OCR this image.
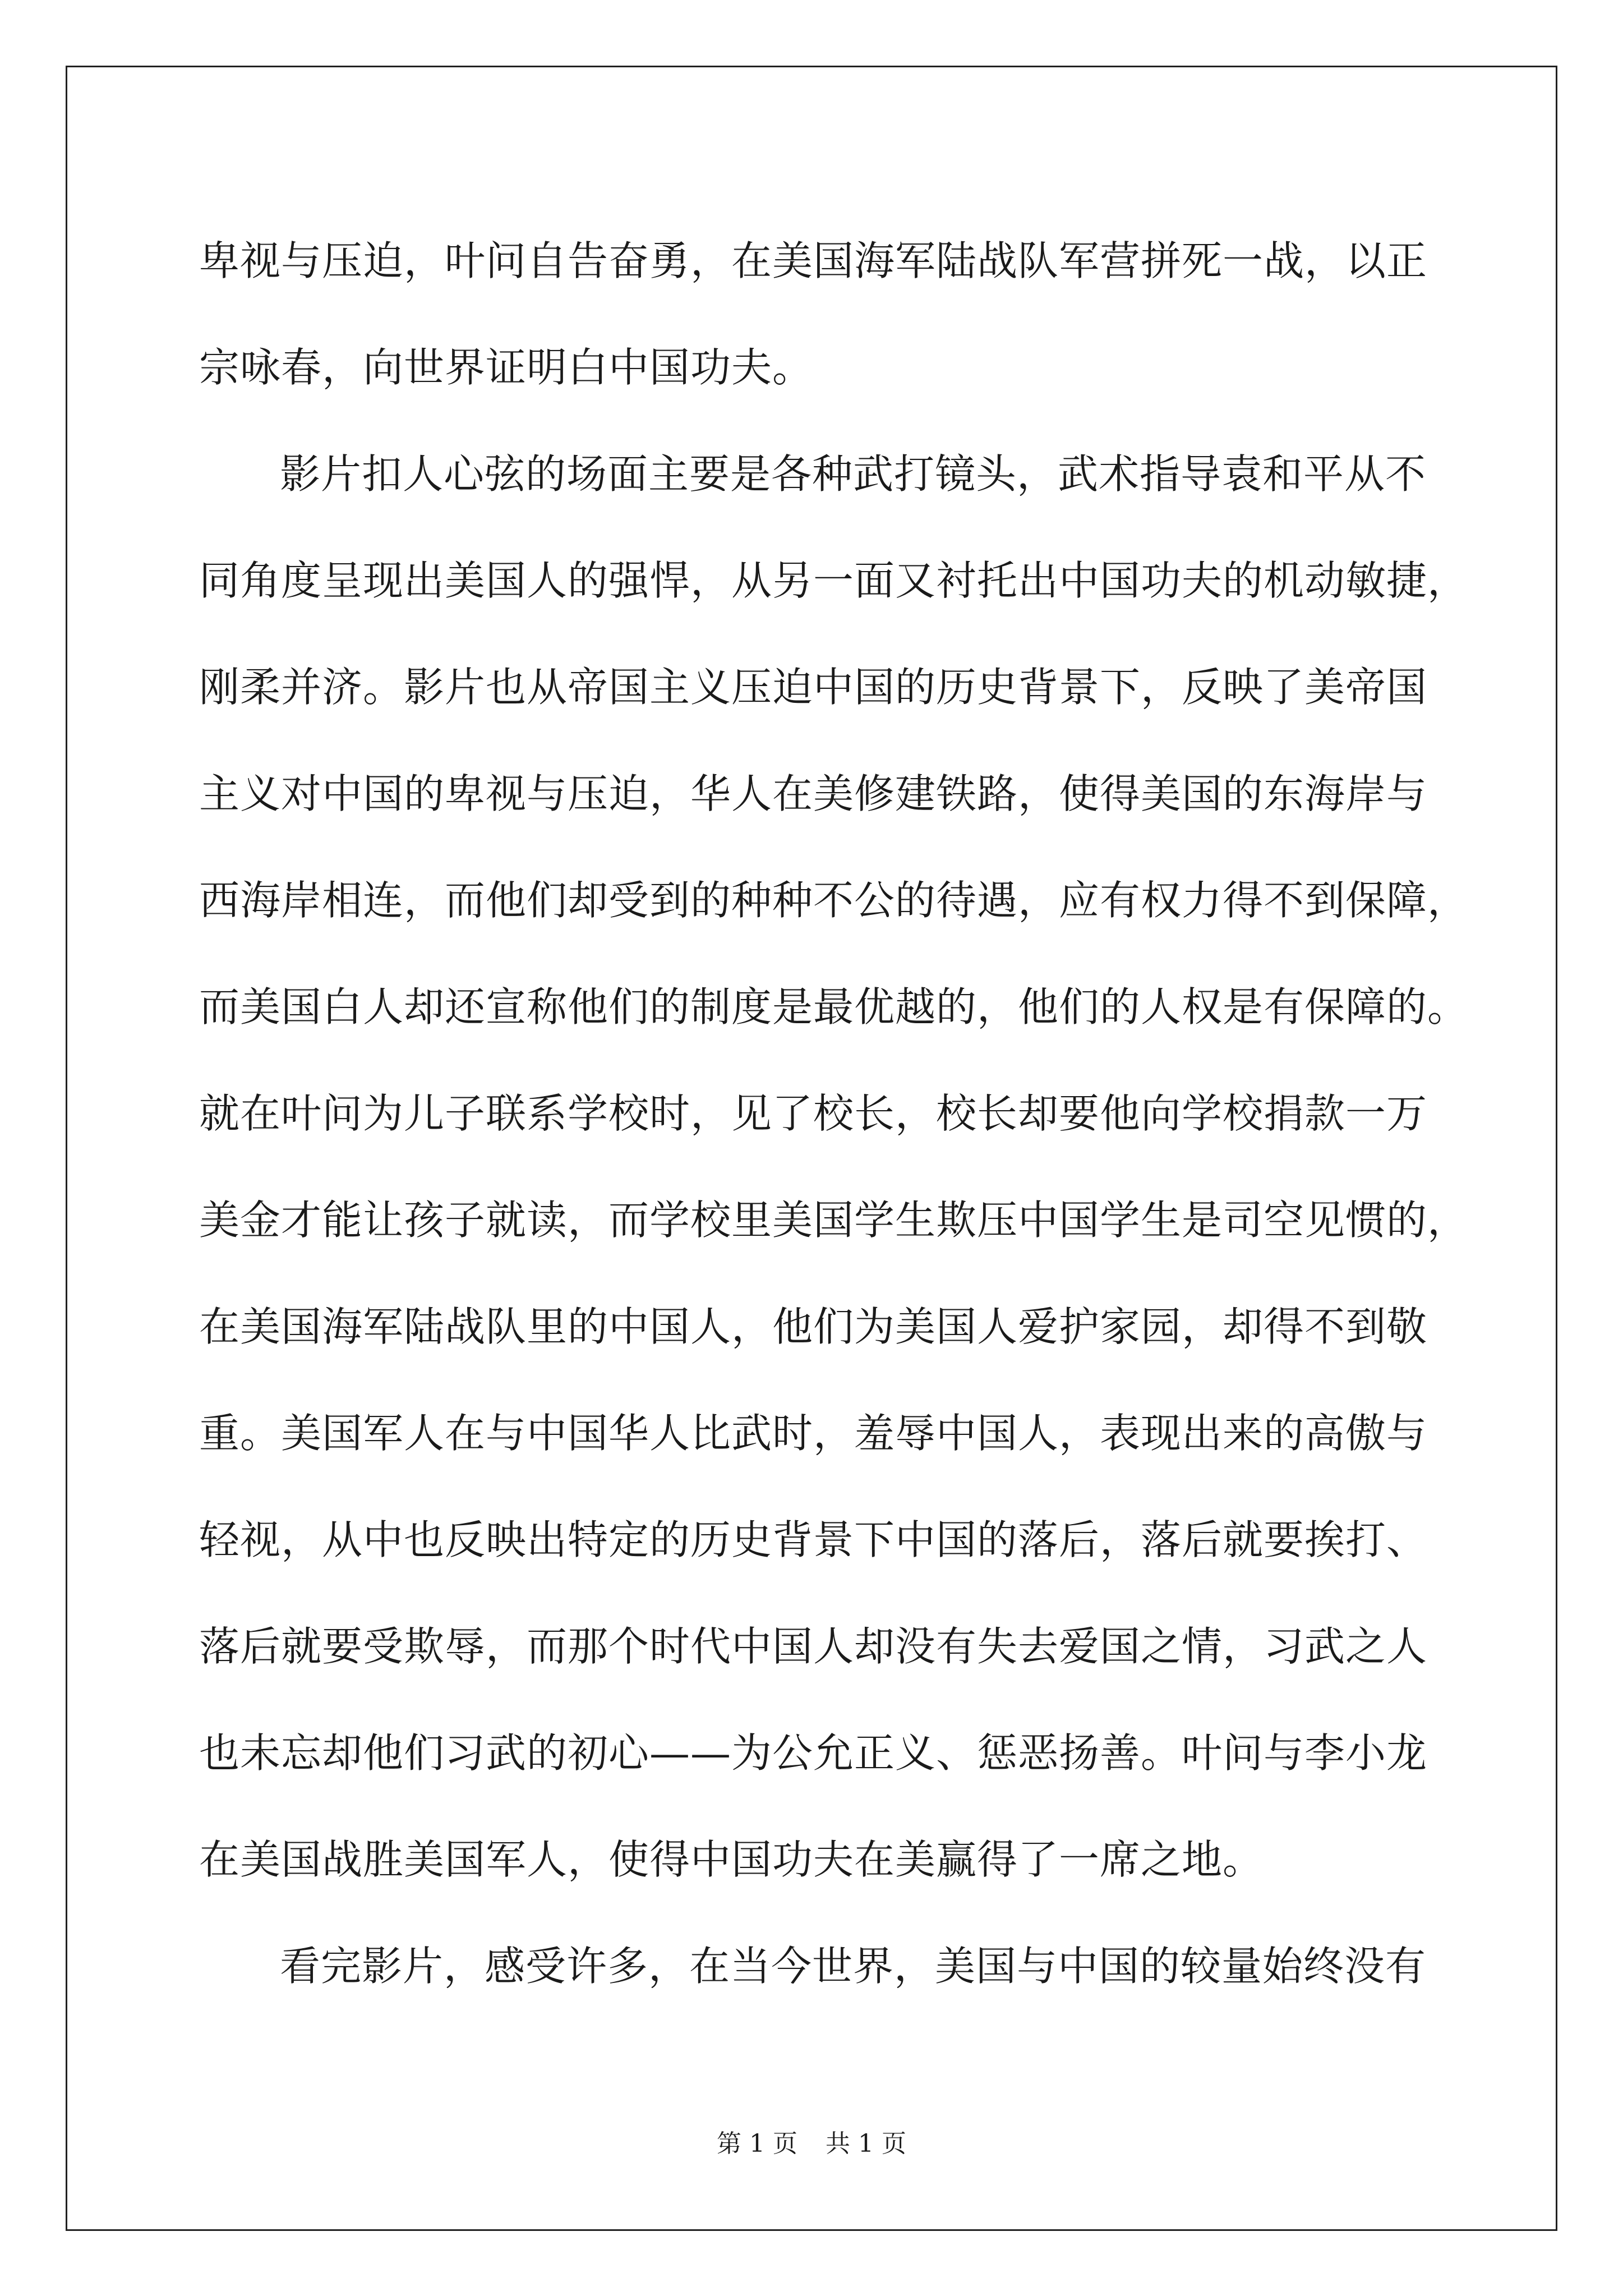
卑视与压迫，叶问自告奋勇，在美国海军陆战队军营拼死一战，以正
宗咏春，向世界证明白中国功夫。
影片扣人心弦的场面主要是各种武打镜头，武术指导袁和平从不
同角度呈现出美国人的强悍，从另一面又衬托出中国功夫的机动敏捷，
刚柔并济。影片也从帝国主义压迫中国的历史背景下，反映了美帝国
主义对中国的卑视与压迫，华人在美修建铁路，使得美国的东海岸与
西海岸相连，而他们却受到的种种不公的待遇，应有权力得不到保障，
而美国白人却还宣称他们的制度是最优越的，他们的人权是有保障的。
就在叶问为儿子联系学校时，见了校长，校长却要他向学校捐款一万
美金才能让孩子就读，而学校里美国学生欺压中国学生是司空见惯的，
在美国海军陆战队里的中国人，他们为美国人爱护家园，却得不到敬
重。美国军人在与中国华人比武时，羞辱中国人，表现出来的高傲与
轻视，从中也反映出特定的历史背景下中国的落后，落后就要挨打、
落后就要受欺辱，而那个时代中国人却没有失去爱国之情，习武之人
也未忘却他们习武的初心——为公允正义、惩恶扬善。叶问与李小龙
在美国战胜美国军人，使得中国功夫在美赢得了一席之地。
看完影片，感受许多，在当今世界，美国与中国的较量始终没有
第 1 页 共 1 页
